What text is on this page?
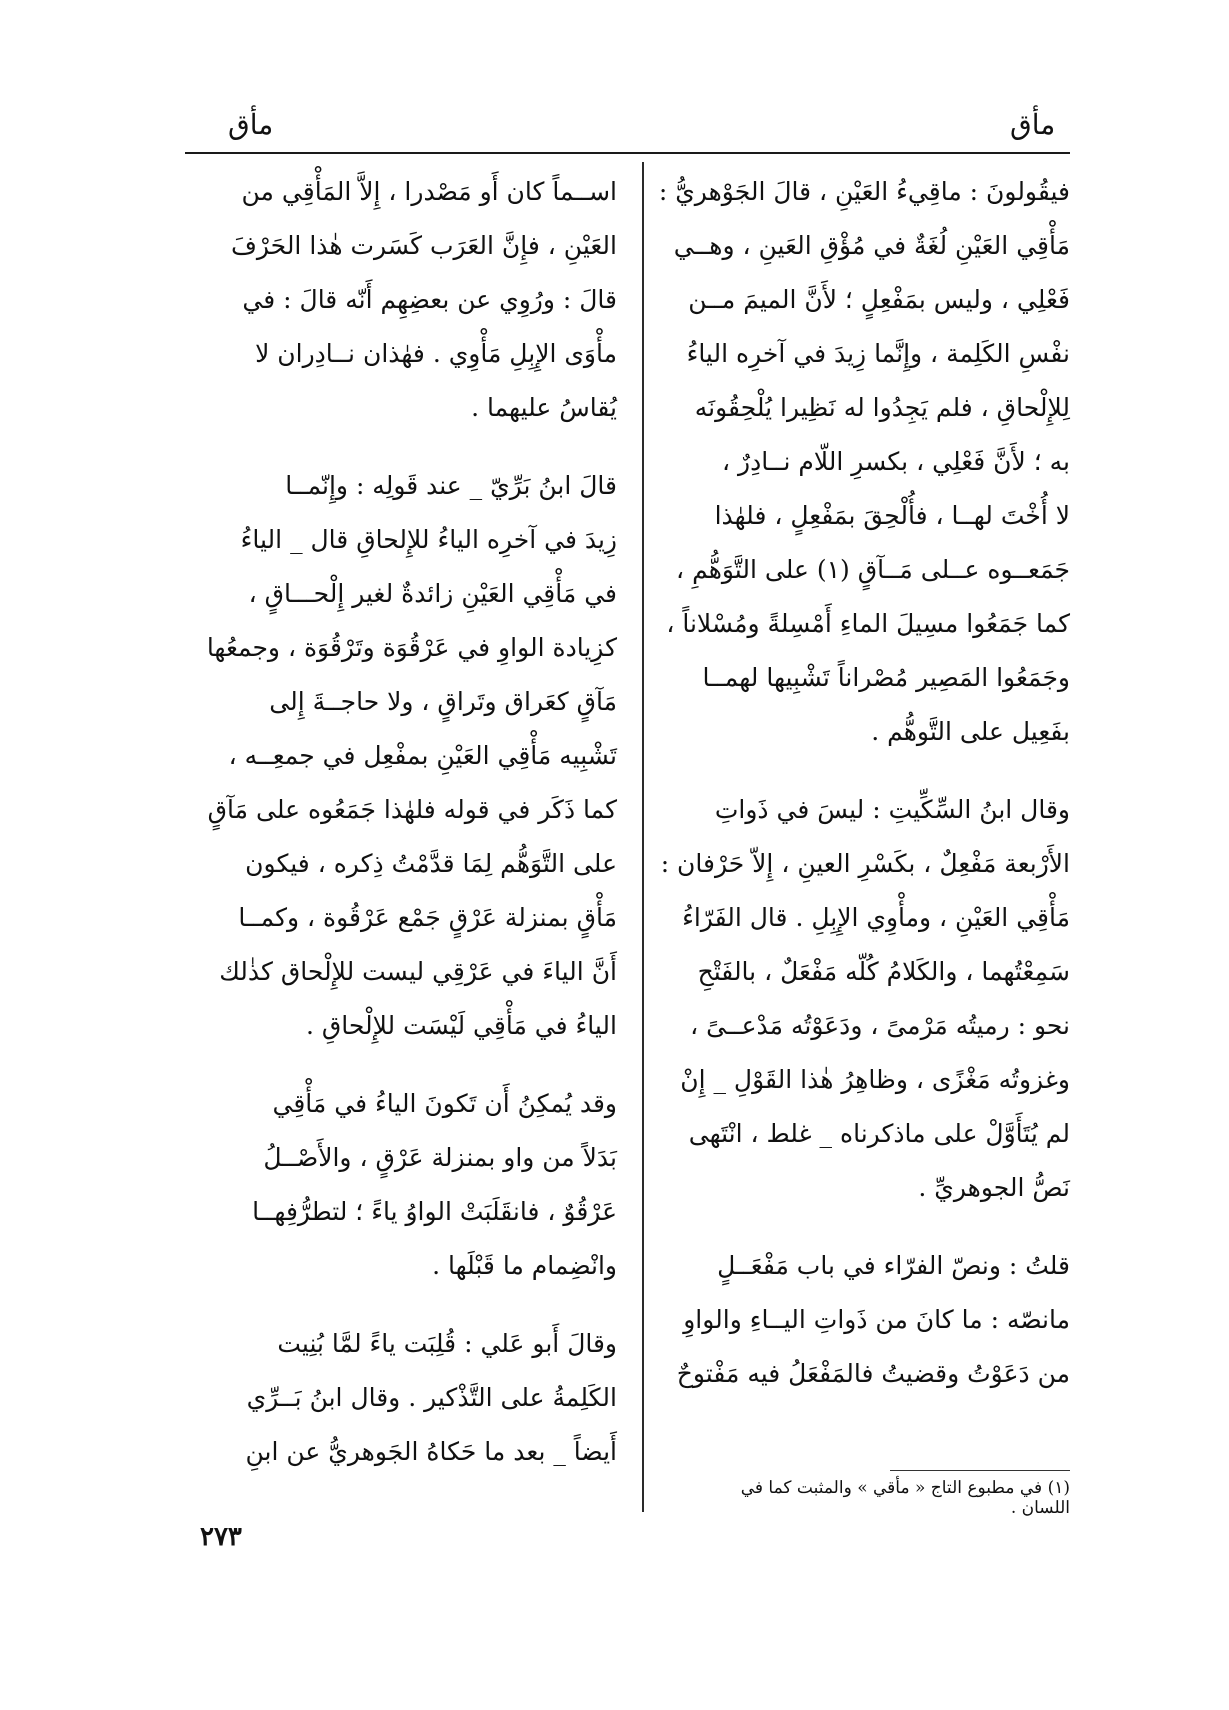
مأق
مأق
فيقُولونَ : ماقِيءُ العَيْنِ ، قالَ الجَوْهريُّ :
مَأْقِي العَيْنِ لُغَةٌ في مُؤْقِ العَينِ ، وهــي
فَعْلِي ، وليس بمَفْعِلٍ ؛ لأَنَّ الميمَ مــن
نفْسِ الكَلِمة ، وإِنَّما زِيدَ في آخرِه الياءُ
لِلإِلْحاقِ ، فلم يَجِدُوا له نَظِيرا يُلْحِقُونَه
به ؛ لأَنَّ فَعْلِي ، بكسرِ اللّام نــادِرٌ ،
لا أُخْتَ لهــا ، فأُلْحِقَ بمَفْعِلٍ ، فلهٰذا
جَمَعــوه عــلى مَــآقٍ (١) على التَّوَهُّمِ ،
كما جَمَعُوا مسِيلَ الماءِ أَمْسِلةً ومُسْلاناً ،
وجَمَعُوا المَصِير مُصْراناً تَشْبِيها لهمــا
بفَعِيل على التَّوهُّم .
وقال ابنُ السِّكِّيتِ : ليسَ في ذَواتِ
الأَرْبعة مَفْعِلٌ ، بكَسْرِ العينِ ، إِلاّ حَرْفان :
مَأْقِي العَيْنِ ، ومأْوِي الإِبِلِ . قال الفَرّاءُ
سَمِعْتُهما ، والكَلامُ كُلّه مَفْعَلٌ ، بالفَتْحِ
نحو : رميتُه مَرْمىً ، ودَعَوْتُه مَدْعــىً ،
وغزوتُه مَغْزًى ، وظاهِرُ هٰذا القَوْلِ _ إِنْ
لم يُتَأَوَّلْ على ماذكرناه _ غلط ، انْتَهى
نَصُّ الجوهريِّ .
قلتُ : ونصّ الفرّاء في باب مَفْعَــلٍ
مانصّه : ما كانَ من ذَواتِ اليــاءِ والواوِ
من دَعَوْتُ وقضيتُ فالمَفْعَلُ فيه مَفْتوحٌ
اســماً كان أَو مَصْدرا ، إِلاَّ المَأْقِي من
العَيْنِ ، فإِنَّ العَرَب كَسَرت هٰذا الحَرْفَ
قالَ : ورُوِي عن بعضِهِم أَنّه قالَ : في
مأْوَى الإِبِلِ مَأْوِي . فهٰذان نــادِران لا
يُقاسُ عليهما .
قالَ ابنُ بَرِّيّ _ عند قَولِه : وإِنّمــا
زِيدَ في آخرِه الياءُ للإِلحاقِ قال _ الياءُ
في مَأْقِي العَيْنِ زائدةٌ لغير إِلْحـــاقٍ ،
كزِيادة الواوِ في عَرْقُوَة وتَرْقُوَة ، وجمعُها
مَآقٍ كعَراق وتَراقٍ ، ولا حاجــةَ إِلى
تَشْبِيه مَأْقِي العَيْنِ بمفْعِل في جمعِــه ،
كما ذَكَر في قوله فلهٰذا جَمَعُوه على مَآقٍ
على التَّوَهُّم لِمَا قدَّمْتُ ذِكره ، فيكون
مَأْقٍ بمنزلة عَرْقٍ جَمْع عَرْقُوة ، وكمــا
أَنَّ الياءَ في عَرْقِي ليست للإِلْحاق كذٰلك
الياءُ في مَأْقِي لَيْسَت للإِلْحاقِ .
وقد يُمكِنُ أَن تَكونَ الياءُ في مَأْقِي
بَدَلاً من واو بمنزلة عَرْقٍ ، والأَصْــلُ
عَرْقُوٌ ، فانقَلَبَتْ الواوُ ياءً ؛ لتطرُّفِهــا
وانْضِمام ما قَبْلَها .
وقالَ أَبو عَلي : قُلِبَت ياءً لمَّا بُنِيت
الكَلِمةُ على التَّذْكير . وقال ابنُ بَــرِّي
أَيضاً _ بعد ما حَكاهُ الجَوهريُّ عن ابنِ
(١) في مطبوع التاج « مأقي » والمثبت كما في اللسان .
٢٧٣
